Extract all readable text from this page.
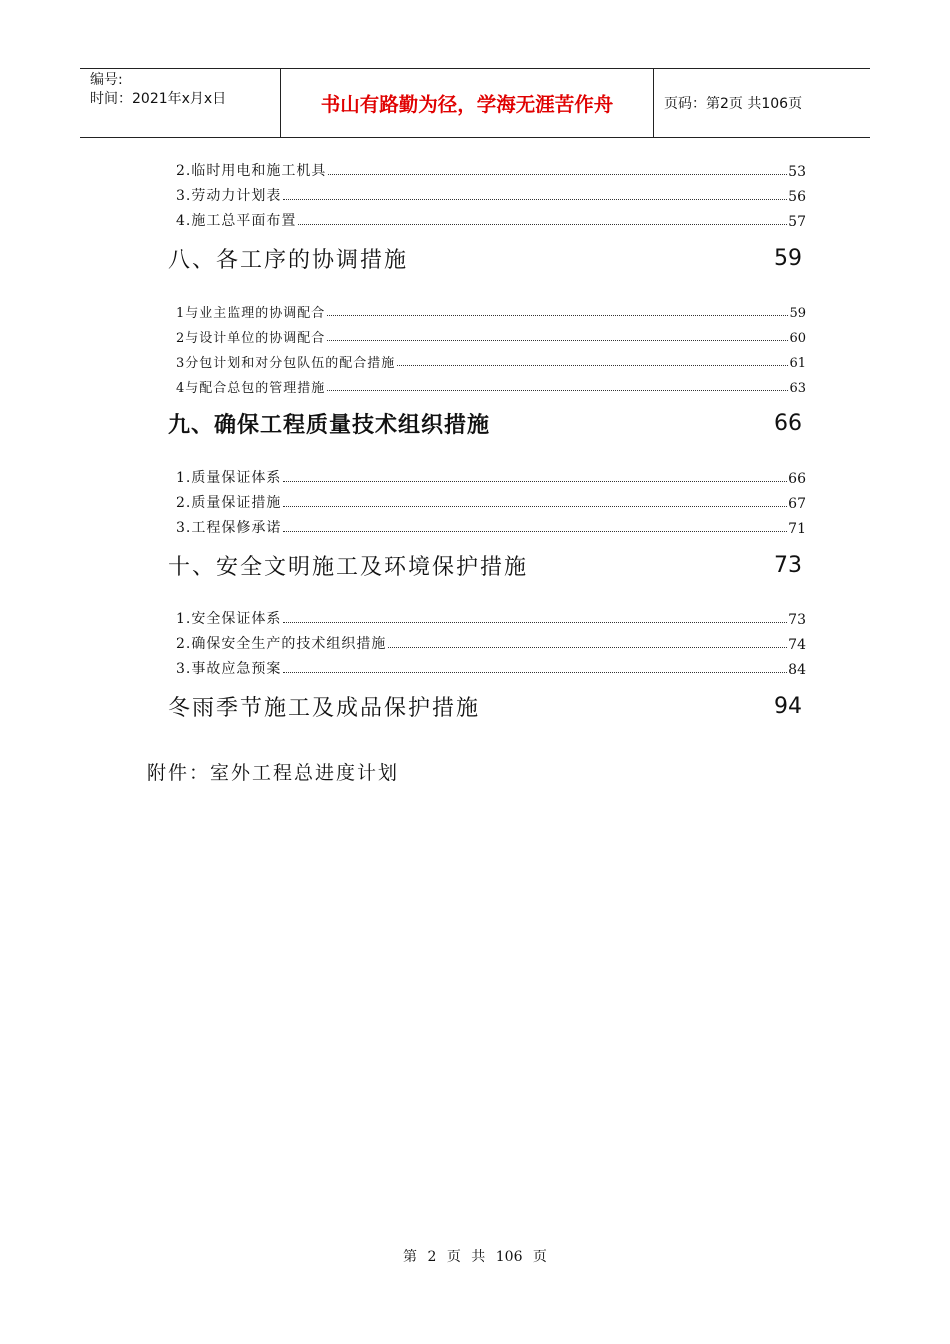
编号:
时间：2021年x月x日	书山有路勤为径，学海无涯苦作舟	页码：第2页 共106页
2.临时用电和施工机具	53
3.劳动力计划表	56
4.施工总平面布置	57
八、各工序的协调措施	59
1与业主监理的协调配合	59
2与设计单位的协调配合	60
3分包计划和对分包队伍的配合措施	61
4与配合总包的管理措施	63
九、确保工程质量技术组织措施	66
1.质量保证体系	66
2.质量保证措施	67
3.工程保修承诺	71
十、安全文明施工及环境保护措施	73
1.安全保证体系	73
2.确保安全生产的技术组织措施	74
3.事故应急预案	84
冬雨季节施工及成品保护措施	94
附件：室外工程总进度计划
第 2 页 共 106 页
